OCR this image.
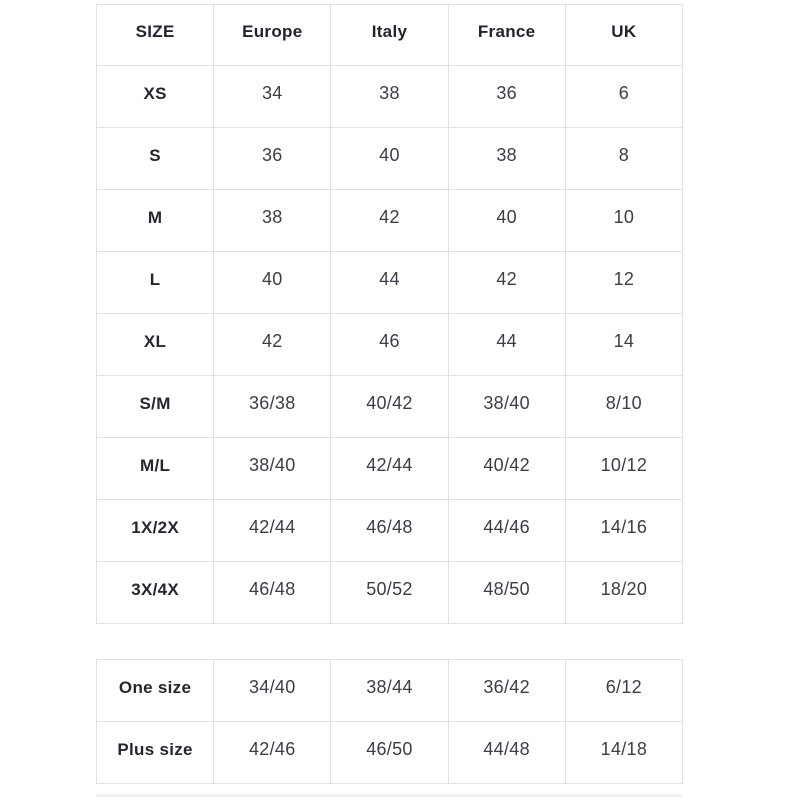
SIZE	Europe	Italy	France	UK
XS	34	38	36	6
S	36	40	38	8
M	38	42	40	10
L	40	44	42	12
XL	42	46	44	14
S/M	36/38	40/42	38/40	8/10
M/L	38/40	42/44	40/42	10/12
1X/2X	42/44	46/48	44/46	14/16
3X/4X	46/48	50/52	48/50	18/20
One size	34/40	38/44	36/42	6/12
Plus size	42/46	46/50	44/48	14/18
